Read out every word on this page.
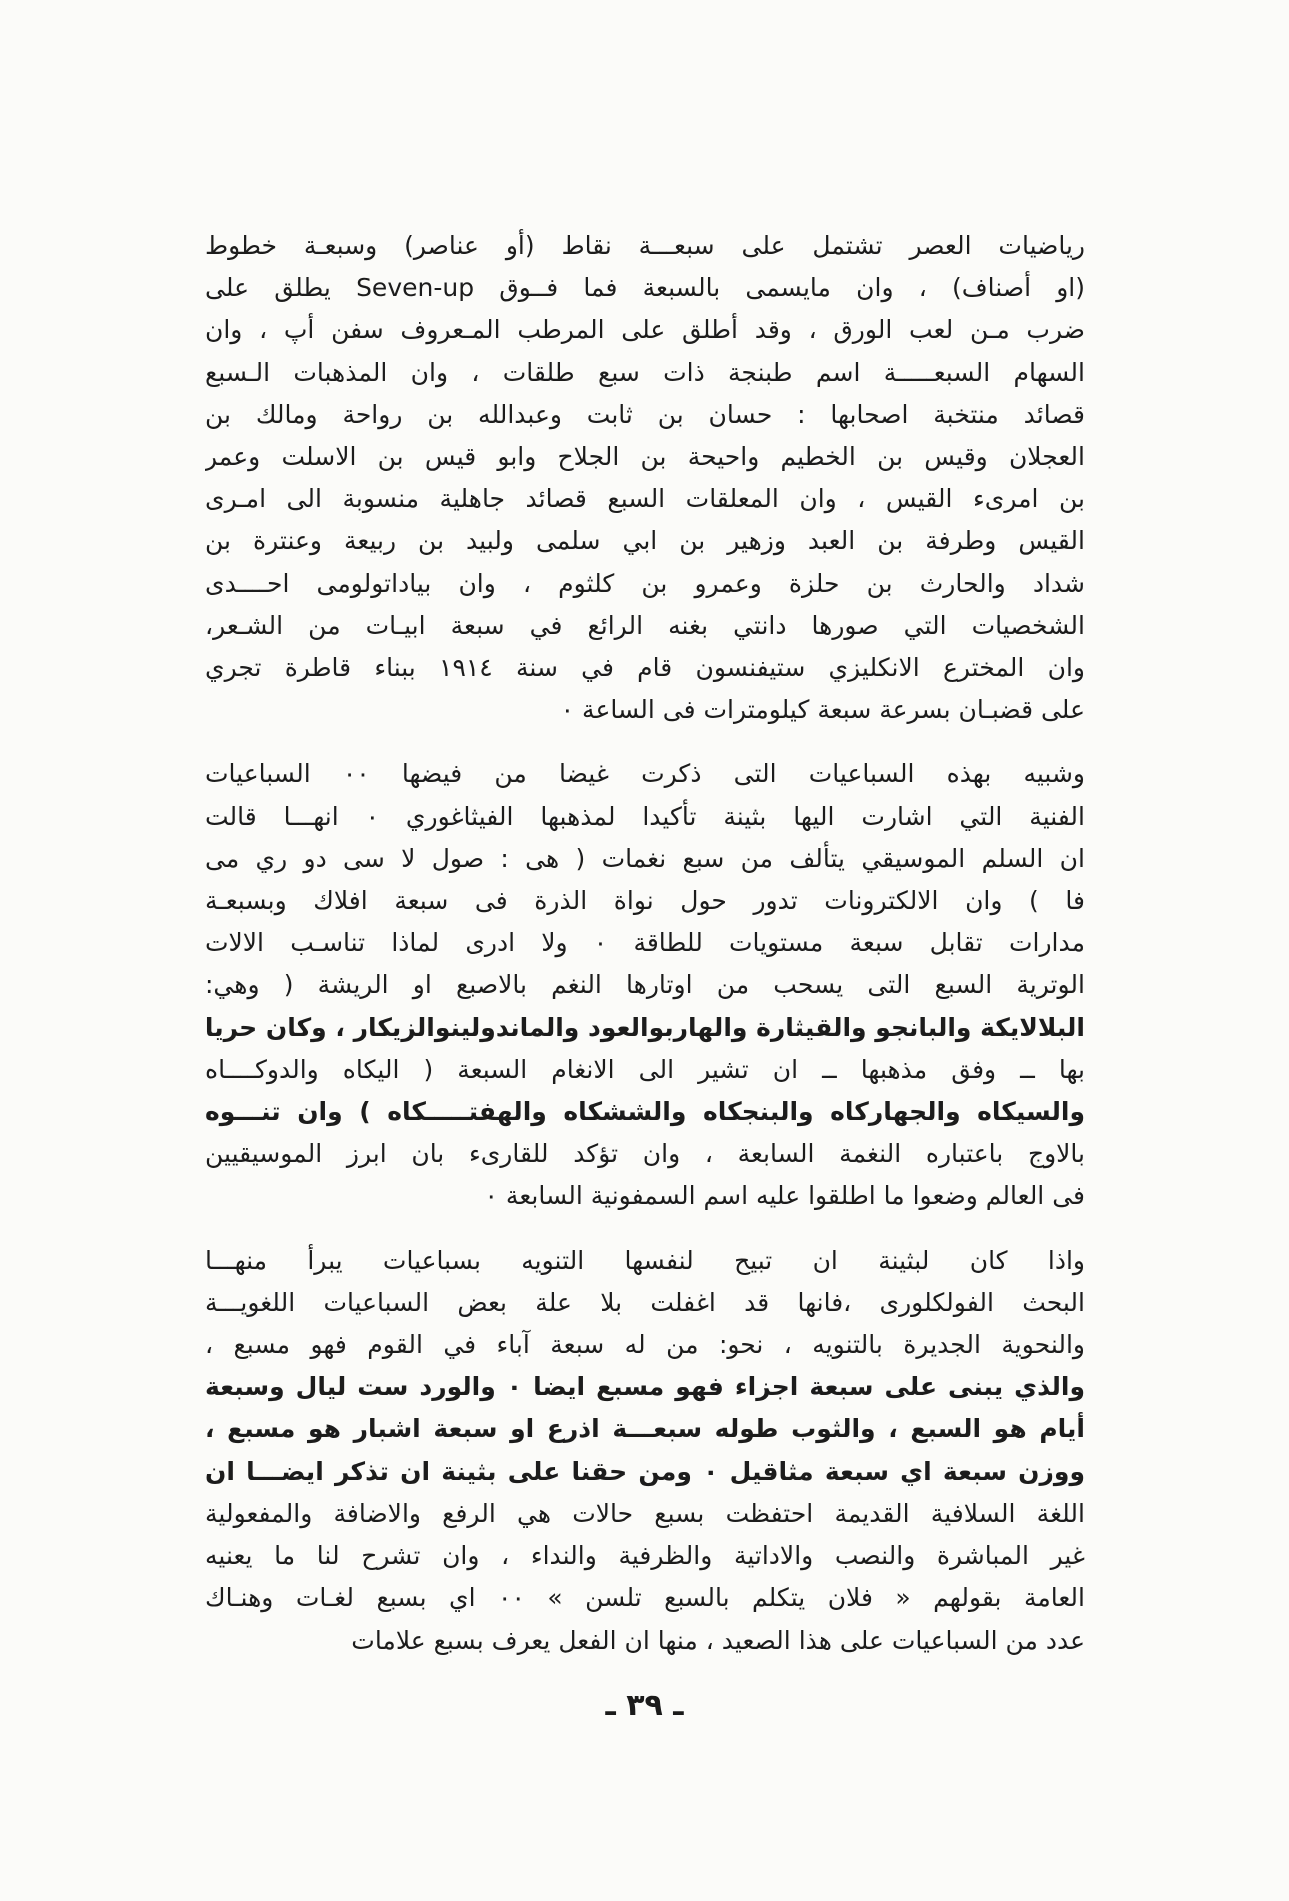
رياضيات العصر تشتمل على سبعـــة نقاط (أو عناصر) وسبعـة خطوط
(او أصناف) ، وان مايسمى بالسبعة فما فــوق Seven-up يطلق على
ضرب مـن لعب الورق ، وقد أطلق على المرطب المـعروف سفن أپ ، وان
السهام السبعـــــة اسم طبنجة ذات سبع طلقات ، وان المذهبات الـسبع
قصائد منتخبة اصحابها : حسان بن ثابت وعبدالله بن رواحة ومالك بن
العجلان وقيس بن الخطيم واحيحة بن الجلاح وابو قيس بن الاسلت وعمر
بن امرىء القيس ، وان المعلقات السبع قصائد جاهلية منسوبة الى امـرى
القيس وطرفة بن العبد وزهير بن ابي سلمى ولبيد بن ربيعة وعنترة بن
شداد والحارث بن حلزة وعمرو بن كلثوم ، وان بياداتولومى احــــدى
الشخصيات التي صورها دانتي بغنه الرائع في سبعة ابيـات من الشـعر،
وان المخترع الانكليزي ستيفنسون قام في سنة ١٩١٤ ببناء قاطرة تجري
على قضبـان بسرعة سبعة كيلومترات فى الساعة ٠
وشبيه بهذه السباعيات التى ذكرت غيضا من فيضها ٠٠ السباعيات
الفنية التي اشارت اليها بثينة تأكيدا لمذهبها الفيثاغوري ٠ انهـــا قالت
ان السلم الموسيقي يتألف من سبع نغمات ( هى : صول لا سى دو ري مى
فا ) وان الالكترونات تدور حول نواة الذرة فى سبعة افلاك وبسبعـة
مدارات تقابل سبعة مستويات للطاقة ٠ ولا ادرى لماذا تناسـب الالات
الوترية السبع التى يسحب من اوتارها النغم بالاصبع او الريشة ( وهي:
البلالايكة والبانجو والقيثارة والهاربوالعود والماندولينوالزيكار ، وكان حريا
بها ــ وفق مذهبها ــ ان تشير الى الانغام السبعة ( اليكاه والدوكــــاه
والسيكاه والجهاركاه والبنجكاه والششكاه والهفتـــــكاه ) وان تنـــوه
بالاوج باعتباره النغمة السابعة ، وان تؤكد للقارىء بان ابرز الموسيقيين
فى العالم وضعوا ما اطلقوا عليه اسم السمفونية السابعة ٠
واذا كان لبثينة ان تبيح لنفسها التنويه بسباعيات يبرأ منهـــا
البحث الفولكلورى ،فانها قد اغفلت بلا علة بعض السباعيات اللغويـــة
والنحوية الجديرة بالتنويه ، نحو: من له سبعة آباء في القوم فهو مسبع ،
والذي يبنى على سبعة اجزاء فهو مسبع ايضا ٠ والورد ست ليال وسبعة
أيام هو السبع ، والثوب طوله سبعـــة اذرع او سبعة اشبار هو مسبع ،
ووزن سبعة اي سبعة مثاقيل ٠ ومن حقنا على بثينة ان تذكر ايضـــا ان
اللغة السلافية القديمة احتفظت بسبع حالات هي الرفع والاضافة والمفعولية
غير المباشرة والنصب والاداتية والظرفية والنداء ، وان تشرح لنا ما يعنيه
العامة بقولهم « فلان يتكلم بالسبع تلسن » ٠٠ اي بسبع لغـات وهنـاك
عدد من السباعيات على هذا الصعيد ، منها ان الفعل يعرف بسبع علامات
ـ ٣٩ ـ
